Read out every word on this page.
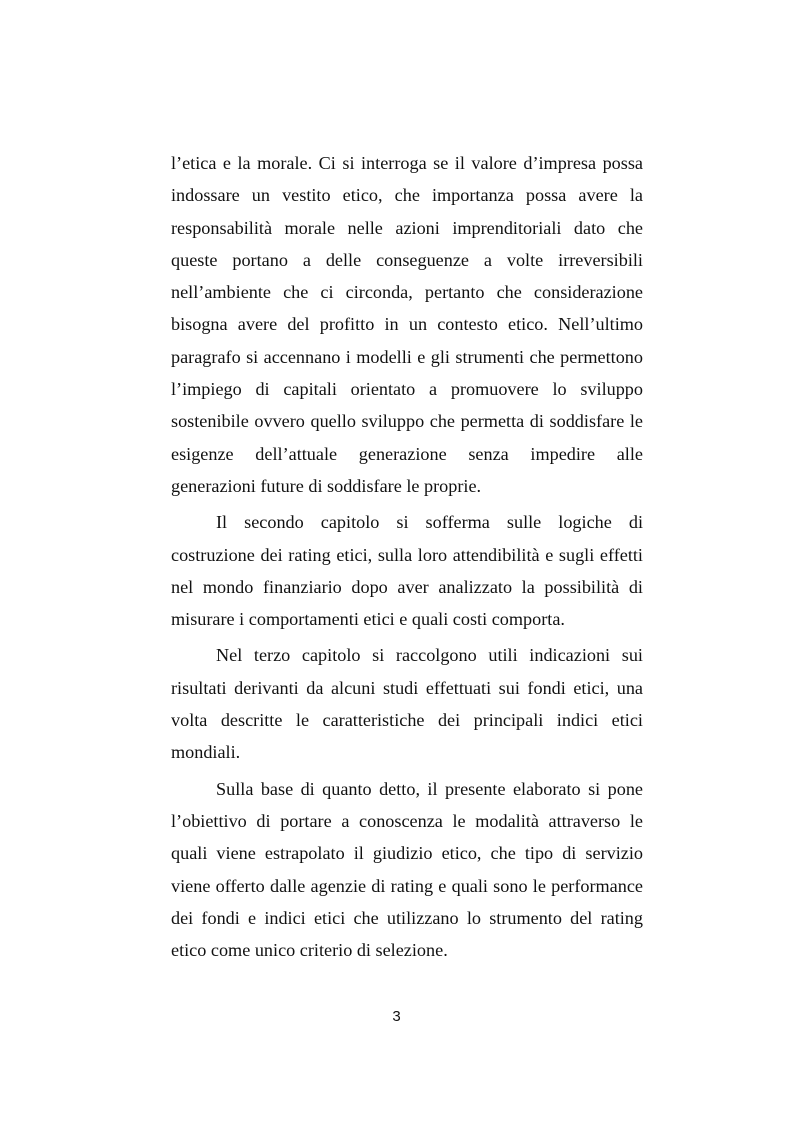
l’etica e la morale. Ci si interroga se il valore d’impresa possa indossare un vestito etico, che importanza possa avere la responsabilità morale nelle azioni imprenditoriali dato che queste portano a delle conseguenze a volte irreversibili nell’ambiente che ci circonda, pertanto che considerazione bisogna avere del profitto in un contesto etico. Nell’ultimo paragrafo si accennano i modelli e gli strumenti che permettono l’impiego di capitali orientato a promuovere lo sviluppo sostenibile ovvero quello sviluppo che permetta di soddisfare le esigenze dell’attuale generazione senza impedire alle generazioni future di soddisfare le proprie.

Il secondo capitolo si sofferma sulle logiche di costruzione dei rating etici, sulla loro attendibilità e sugli effetti nel mondo finanziario dopo aver analizzato la possibilità di misurare i comportamenti etici e quali costi comporta.

Nel terzo capitolo si raccolgono utili indicazioni sui risultati derivanti da alcuni studi effettuati sui fondi etici, una volta descritte le caratteristiche dei principali indici etici mondiali.

Sulla base di quanto detto, il presente elaborato si pone l’obiettivo di portare a conoscenza le modalità attraverso le quali viene estrapolato il giudizio etico, che tipo di servizio viene offerto dalle agenzie di rating e quali sono le performance dei fondi e indici etici che utilizzano lo strumento del rating etico come unico criterio di selezione.

3
